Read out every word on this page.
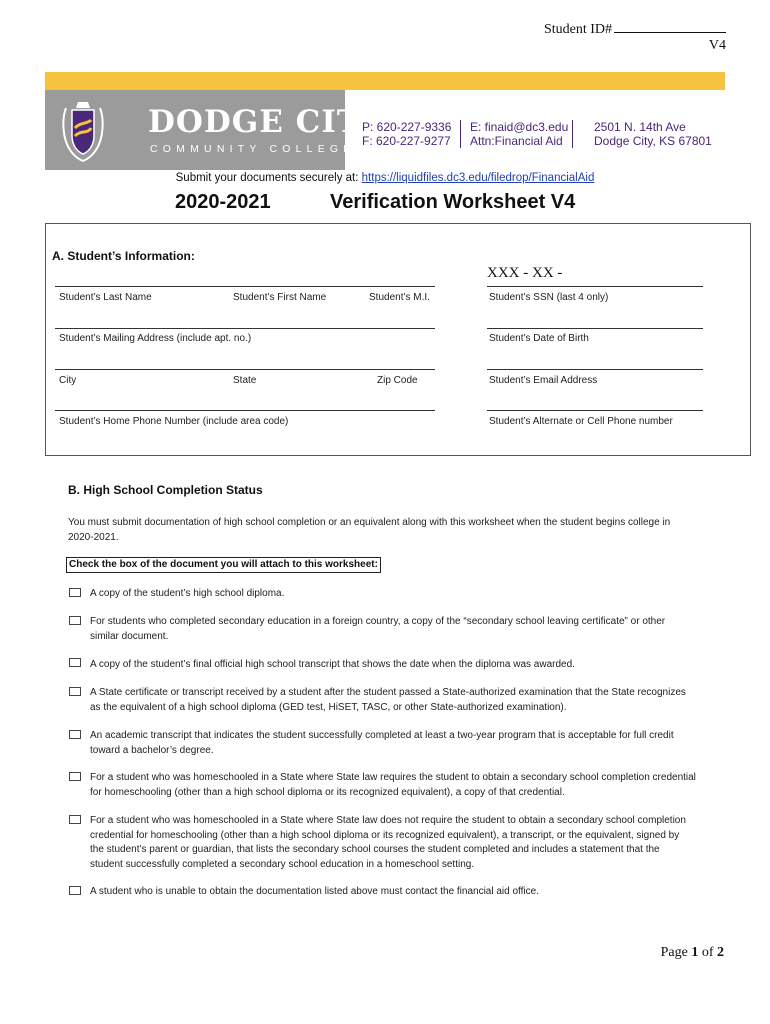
Student ID#
V4
DODGE CITY
COMMUNITY COLLEGE
P: 620-227-9336
F: 620-227-9277
E: finaid@dc3.edu
Attn:Financial Aid
2501 N. 14th Ave
Dodge City, KS 67801
Submit your documents securely at: https://liquidfiles.dc3.edu/filedrop/FinancialAid
2020-2021	Verification Worksheet V4
A. Student’s Information:
XXX - XX -
Student’s Last Name	Student’s First Name	Student’s M.I.	Student’s SSN (last 4 only)
Student’s Mailing Address (include apt. no.)	Student’s Date of Birth
City	State	Zip Code	Student’s Email Address
Student’s Home Phone Number (include area code)	Student’s Alternate or Cell Phone number
B. High School Completion Status
You must submit documentation of high school completion or an equivalent along with this worksheet when the student begins college in
2020-2021.
Check the box of the document you will attach to this worksheet:
A copy of the student’s high school diploma.
For students who completed secondary education in a foreign country, a copy of the “secondary school leaving certificate” or other
similar document.
A copy of the student’s final official high school transcript that shows the date when the diploma was awarded.
A State certificate or transcript received by a student after the student passed a State-authorized examination that the State recognizes
as the equivalent of a high school diploma (GED test, HiSET, TASC, or other State-authorized examination).
An academic transcript that indicates the student successfully completed at least a two-year program that is acceptable for full credit
toward a bachelor’s degree.
For a student who was homeschooled in a State where State law requires the student to obtain a secondary school completion credential
for homeschooling (other than a high school diploma or its recognized equivalent), a copy of that credential.
For a student who was homeschooled in a State where State law does not require the student to obtain a secondary school completion
credential for homeschooling (other than a high school diploma or its recognized equivalent), a transcript, or the equivalent, signed by
the student’s parent or guardian, that lists the secondary school courses the student completed and includes a statement that the
student successfully completed a secondary school education in a homeschool setting.
A student who is unable to obtain the documentation listed above must contact the financial aid office.
Page 1 of 2
